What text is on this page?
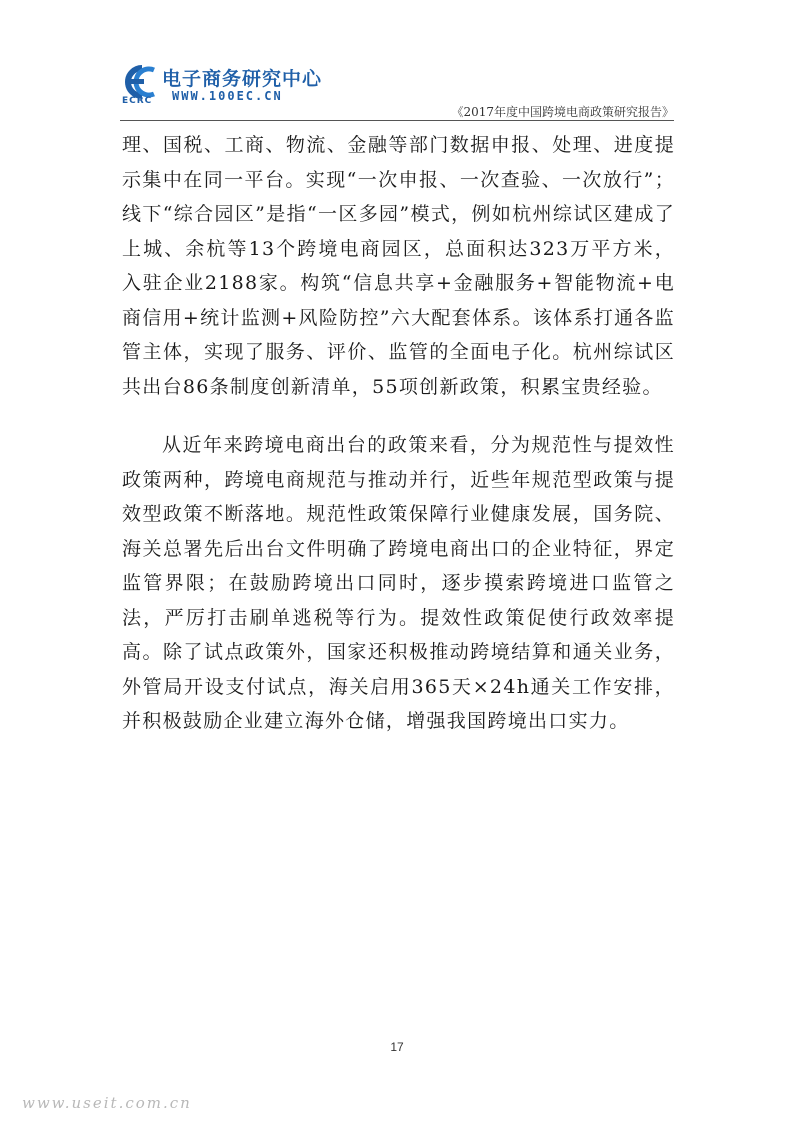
ECRC
电子商务研究中心
WWW.100EC.CN
《2017年度中国跨境电商政策研究报告》

理、国税、工商、物流、金融等部门数据申报、处理、进度提示集中在同一平台。实现“一次申报、一次查验、一次放行”；线下“综合园区”是指“一区多园”模式，例如杭州综试区建成了上城、余杭等13个跨境电商园区，总面积达323万平方米，入驻企业2188家。构筑“信息共享+金融服务+智能物流+电商信用+统计监测+风险防控”六大配套体系。该体系打通各监管主体，实现了服务、评价、监管的全面电子化。杭州综试区共出台86条制度创新清单，55项创新政策，积累宝贵经验。

从近年来跨境电商出台的政策来看，分为规范性与提效性政策两种，跨境电商规范与推动并行，近些年规范型政策与提效型政策不断落地。规范性政策保障行业健康发展，国务院、海关总署先后出台文件明确了跨境电商出口的企业特征，界定监管界限；在鼓励跨境出口同时，逐步摸索跨境进口监管之法，严厉打击刷单逃税等行为。提效性政策促使行政效率提高。除了试点政策外，国家还积极推动跨境结算和通关业务，外管局开设支付试点，海关启用365天×24h通关工作安排，并积极鼓励企业建立海外仓储，增强我国跨境出口实力。

17
www.useit.com.cn
